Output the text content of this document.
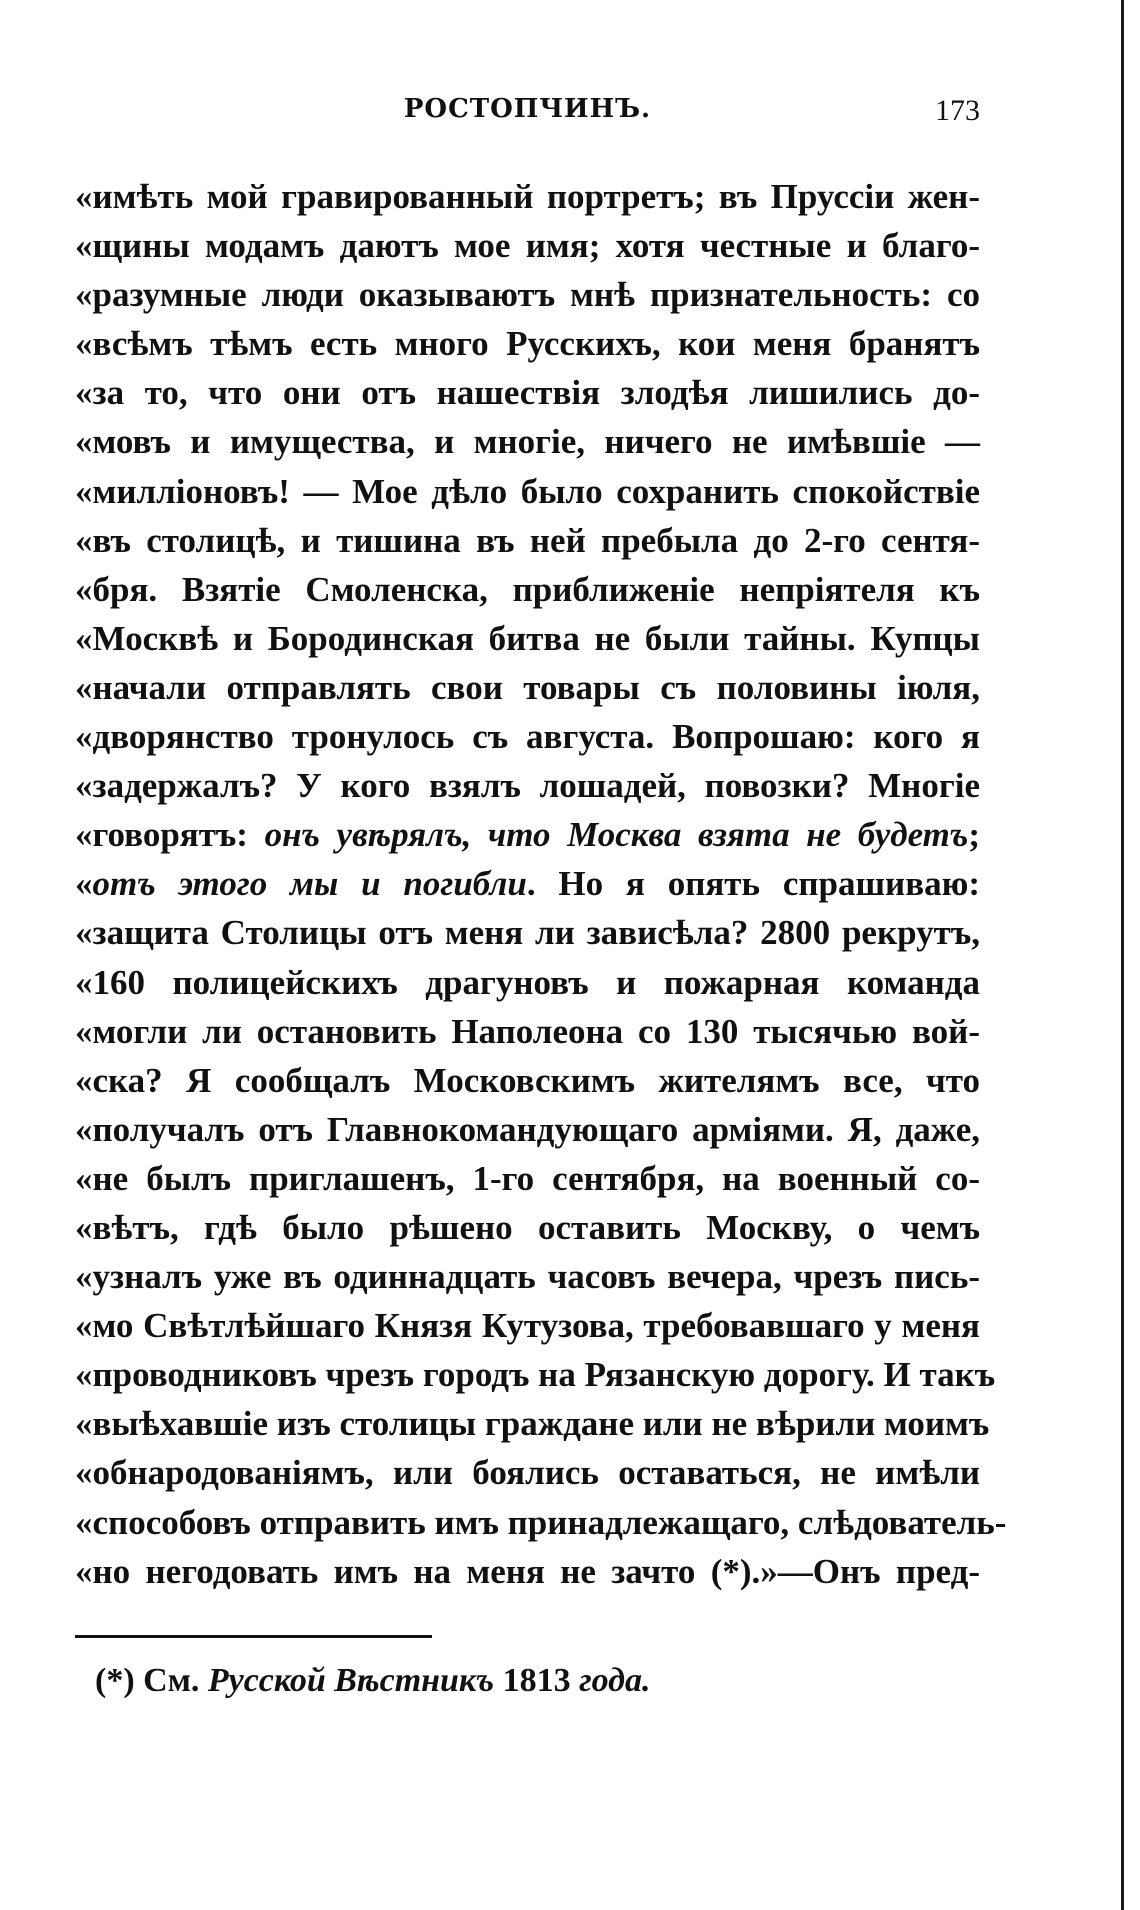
РОСТОПЧИНЪ.	173
«имѣть мой гравированный портретъ; въ Пруссіи жен-
«щины модамъ даютъ мое имя; хотя честные и благо-
«разумные люди оказываютъ мнѣ признательность: со
«всѣмъ тѣмъ есть много Русскихъ, кои меня бранятъ
«за то, что они отъ нашествія злодѣя лишились до-
«мовъ и имущества, и многіе, ничего не имѣвшіе —
«милліоновъ! — Мое дѣло было сохранить спокойствіе
«въ столицѣ, и тишина въ ней пребыла до 2-го сентя-
«бря. Взятіе Смоленска, приближеніе непріятеля къ
«Москвѣ и Бородинская битва не были тайны. Купцы
«начали отправлять свои товары съ половины іюля,
«дворянство тронулось съ августа. Вопрошаю: кого я
«задержалъ? У кого взялъ лошадей, повозки? Многіе
«говорятъ: онъ увѣрялъ, что Москва взята не будетъ;
«отъ этого мы и погибли. Но я опять спрашиваю:
«защита Столицы отъ меня ли зависѣла? 2800 рекрутъ,
«160 полицейскихъ драгуновъ и пожарная команда
«могли ли остановить Наполеона со 130 тысячью вой-
«ска? Я сообщалъ Московскимъ жителямъ все, что
«получалъ отъ Главнокомандующаго арміями. Я, даже,
«не былъ приглашенъ, 1-го сентября, на военный со-
«вѣтъ, гдѣ было рѣшено оставить Москву, о чемъ
«узналъ уже въ одиннадцать часовъ вечера, чрезъ пись-
«мо Свѣтлѣйшаго Князя Кутузова, требовавшаго у меня
«проводниковъ чрезъ городъ на Рязанскую дорогу. И такъ
«выѣхавшіе изъ столицы граждане или не вѣрили моимъ
«обнародованіямъ, или боялись оставаться, не имѣли
«способовъ отправить имъ принадлежащаго, слѣдователь-
«но негодовать имъ на меня не зачто (*).»—Онъ пред-
(*) См. Русской Вѣстникъ 1813 года.
